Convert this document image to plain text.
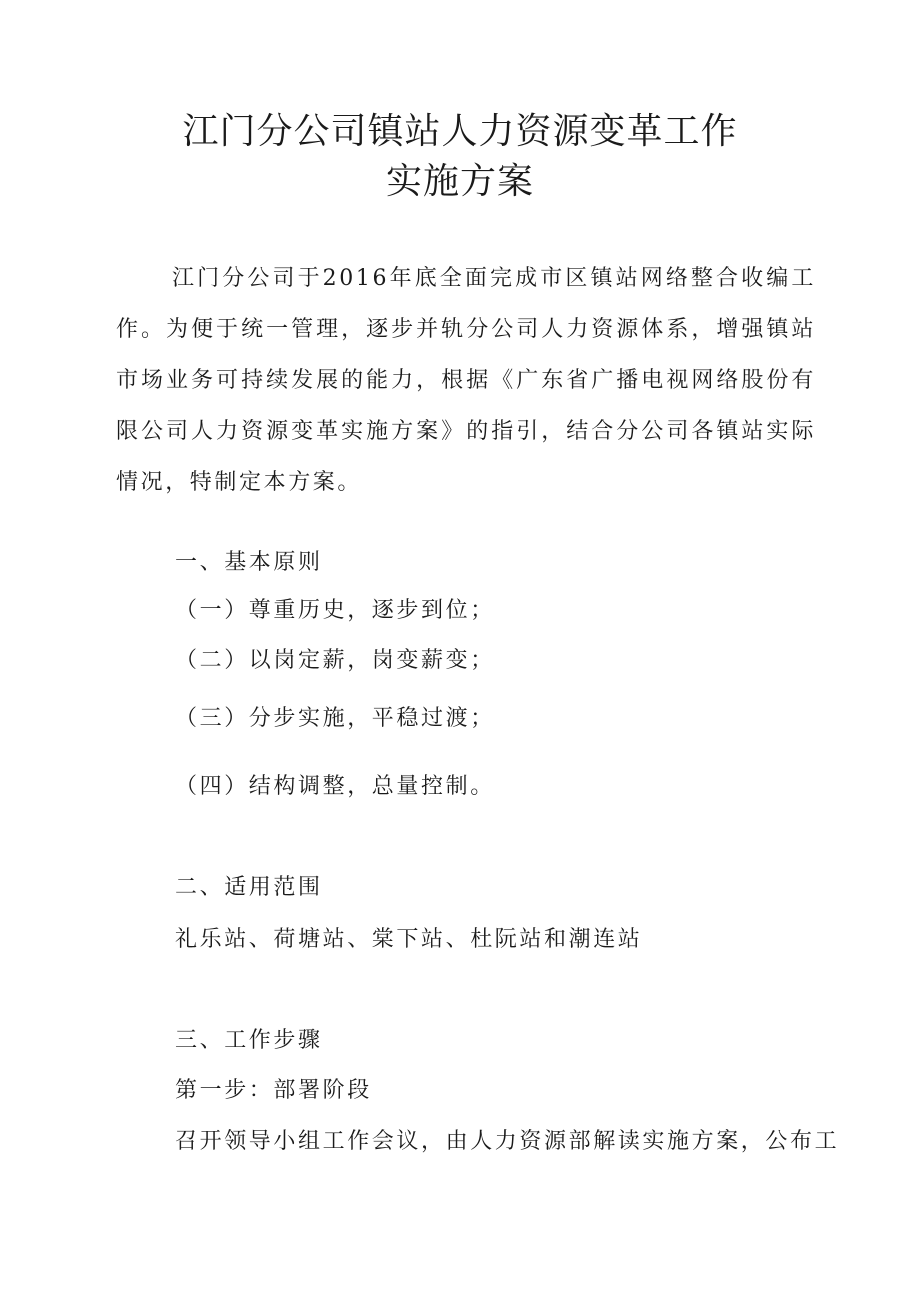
江门分公司镇站人力资源变革工作
实施方案

江门分公司于2016年底全面完成市区镇站网络整合收编工作。为便于统一管理，逐步并轨分公司人力资源体系，增强镇站市场业务可持续发展的能力，根据《广东省广播电视网络股份有限公司人力资源变革实施方案》的指引，结合分公司各镇站实际情况，特制定本方案。

一、基本原则
（一）尊重历史，逐步到位；
（二）以岗定薪，岗变薪变；
（三）分步实施，平稳过渡；
（四）结构调整，总量控制。
二、适用范围
礼乐站、荷塘站、棠下站、杜阮站和潮连站
三、工作步骤
第一步：部署阶段
召开领导小组工作会议，由人力资源部解读实施方案，公布工
